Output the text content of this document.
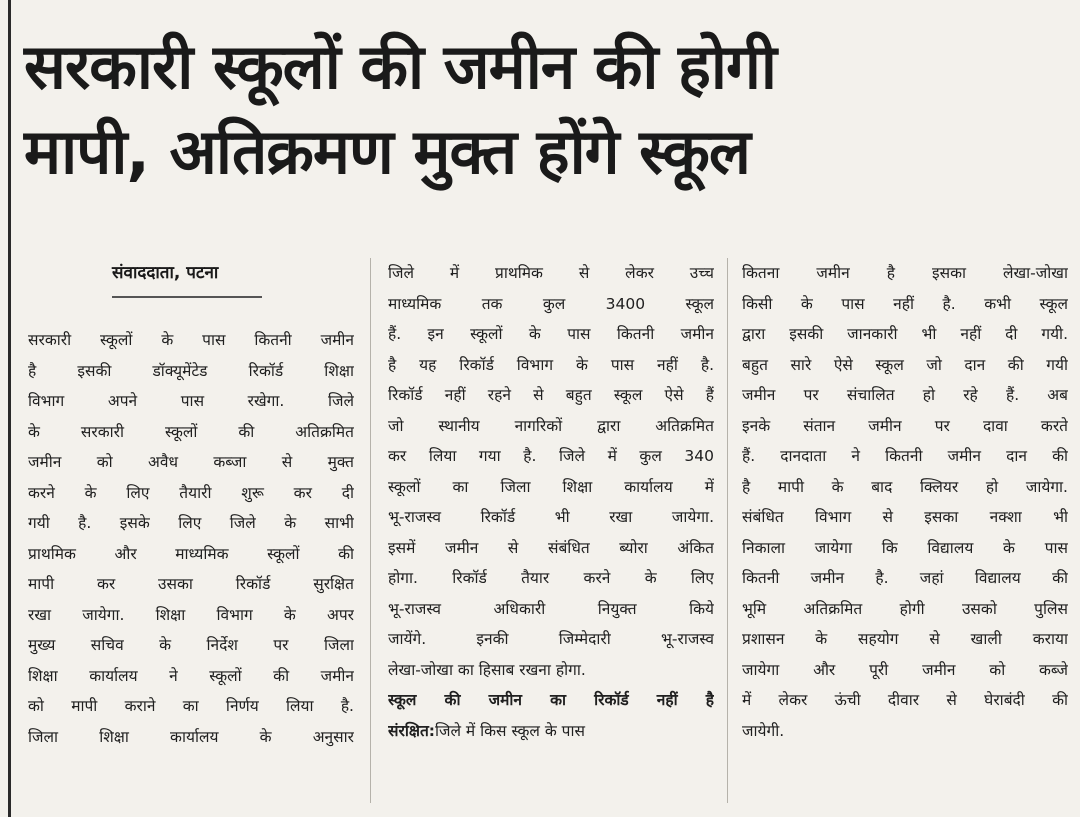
सरकारी स्कूलों की जमीन की होगी
मापी, अतिक्रमण मुक्त होंगे स्कूल
संवाददाता, पटना
सरकारी स्कूलों के पास कितनी जमीन
है इसकी डॉक्यूमेंटेड रिकॉर्ड शिक्षा
विभाग अपने पास रखेगा. जिले
के सरकारी स्कूलों की अतिक्रमित
जमीन को अवैध कब्जा से मुक्त
करने के लिए तैयारी शुरू कर दी
गयी है. इसके लिए जिले के साभी
प्राथमिक और माध्यमिक स्कूलों की
मापी कर उसका रिकॉर्ड सुरक्षित
रखा जायेगा. शिक्षा विभाग के अपर
मुख्य सचिव के निर्देश पर जिला
शिक्षा कार्यालय ने स्कूलों की जमीन
को मापी कराने का निर्णय लिया है.
जिला शिक्षा कार्यालय के अनुसार
जिले में प्राथमिक से लेकर उच्च
माध्यमिक तक कुल 3400 स्कूल
हैं. इन स्कूलों के पास कितनी जमीन
है यह रिकॉर्ड विभाग के पास नहीं है.
रिकॉर्ड नहीं रहने से बहुत स्कूल ऐसे हैं
जो स्थानीय नागरिकों द्वारा अतिक्रमित
कर लिया गया है. जिले में कुल 340
स्कूलों का जिला शिक्षा कार्यालय में
भू-राजस्व रिकॉर्ड भी रखा जायेगा.
इसमें जमीन से संबंधित ब्योरा अंकित
होगा. रिकॉर्ड तैयार करने के लिए
भू-राजस्व अधिकारी नियुक्त किये
जायेंगे. इनकी जिम्मेदारी भू-राजस्व
लेखा-जोखा का हिसाब रखना होगा.
स्कूल की जमीन का रिकॉर्ड नहीं है
संरक्षित:जिले में किस स्कूल के पास
कितना जमीन है इसका लेखा-जोखा
किसी के पास नहीं है. कभी स्कूल
द्वारा इसकी जानकारी भी नहीं दी गयी.
बहुत सारे ऐसे स्कूल जो दान की गयी
जमीन पर संचालित हो रहे हैं. अब
इनके संतान जमीन पर दावा करते
हैं. दानदाता ने कितनी जमीन दान की
है मापी के बाद क्लियर हो जायेगा.
संबंधित विभाग से इसका नक्शा भी
निकाला जायेगा कि विद्यालय के पास
कितनी जमीन है. जहां विद्यालय की
भूमि अतिक्रमित होगी उसको पुलिस
प्रशासन के सहयोग से खाली कराया
जायेगा और पूरी जमीन को कब्जे
में लेकर ऊंची दीवार से घेराबंदी की
जायेगी.
